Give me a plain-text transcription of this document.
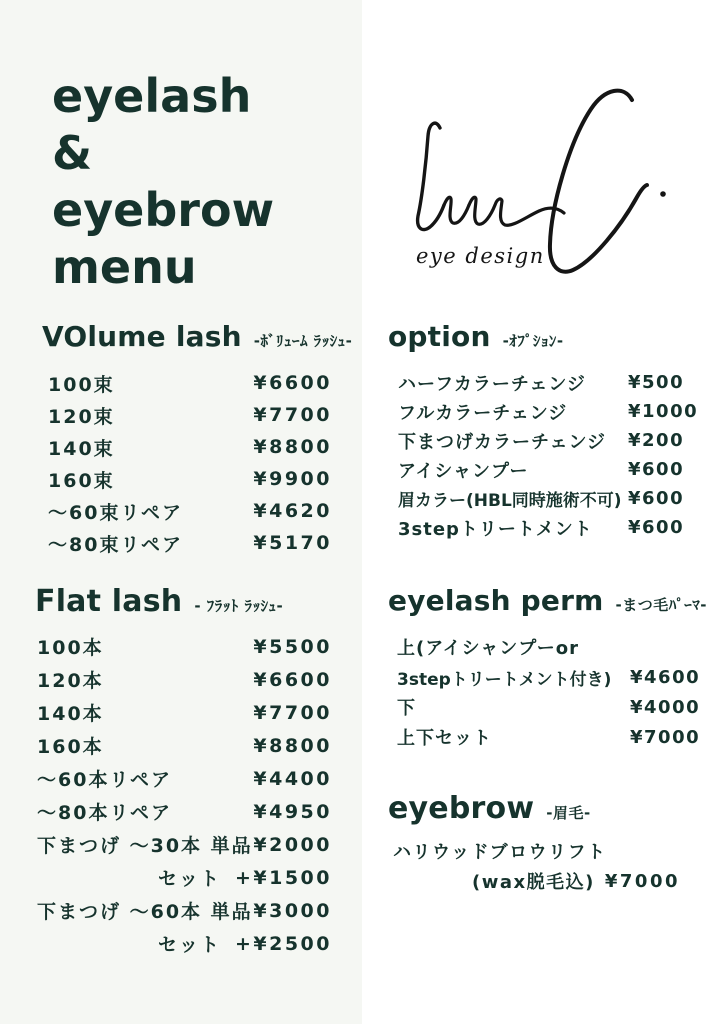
eyelash
&
eyebrow
menu	eye design
VOlume lash -ﾎﾞﾘｭｰﾑ ﾗｯｼｭ-
100束	¥6600
120束	¥7700
140束	¥8800
160束	¥9900
～60束リペア	¥4620
～80束リペア	¥5170
Flat lash - ﾌﾗｯﾄ ﾗｯｼｭ-
100本	¥5500
120本	¥6600
140本	¥7700
160本	¥8800
～60本リペア	¥4400
～80本リペア	¥4950
下まつげ ～30本 単品 ¥2000
セット +¥1500
下まつげ ～60本 単品 ¥3000
セット +¥2500
option -ｵﾌﾟｼｮﾝ-
ハーフカラーチェンジ ¥500
フルカラーチェンジ	¥1000
下まつげカラーチェンジ ¥200
アイシャンプー	¥600
眉カラー(HBL同時施術不可) ¥600
3stepトリートメント ¥600
eyelash perm -まつ毛ﾊﾟｰﾏ-
上(アイシャンプーor
3stepトリートメント付き) ¥4600
下	¥4000
上下セット	¥7000
eyebrow -眉毛-
ハリウッドブロウリフト
(wax脱毛込) ¥7000
